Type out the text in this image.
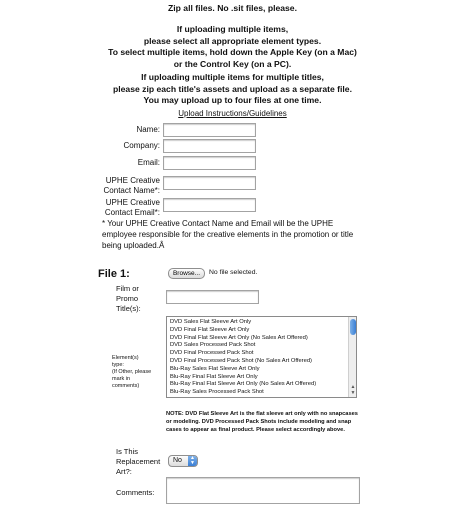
Zip all files. No .sit files, please.

If uploading multiple items,

please select all appropriate element types.

To select multiple items, hold down the Apple Key (on a Mac)

or the Control Key (on a PC).

If uploading multiple items for multiple titles,

please zip each title's assets and upload as a separate file.

You may upload up to four files at one time.

Upload Instructions/Guidelines
Name:
Company:
Email:
UPHE Creative
Contact Name*:
UPHE Creative
Contact Email*:
* Your UPHE Creative Contact Name and Email will be the UPHE employee responsible for the creative elements in the promotion or title being uploaded.Â
File 1:	Browse...	No file selected.
Film or
Promo
Title(s):
DVD Sales Flat Sleeve Art Only
DVD Final Flat Sleeve Art Only
DVD Final Flat Sleeve Art Only (No Sales Art Offered)
DVD Sales Processed Pack Shot
DVD Final Processed Pack Shot
DVD Final Processed Pack Shot (No Sales Art Offered)
Blu-Ray Sales Flat Sleeve Art Only
Blu-Ray Final Flat Sleeve Art Only
Blu-Ray Final Flat Sleeve Art Only (No Sales Art Offered)
Blu-Ray Sales Processed Pack Shot
▲
▼
Element(s)
type:
(If Other, please
mark in
comments)
NOTE: DVD Flat Sleeve Art is the flat sleeve art only with no snapcases or modeling. DVD Processed Pack Shots include modeling and snap cases to appear as final product. Please select accordingly above.
Is This
Replacement
Art?:
No	▲
▼
Comments:
